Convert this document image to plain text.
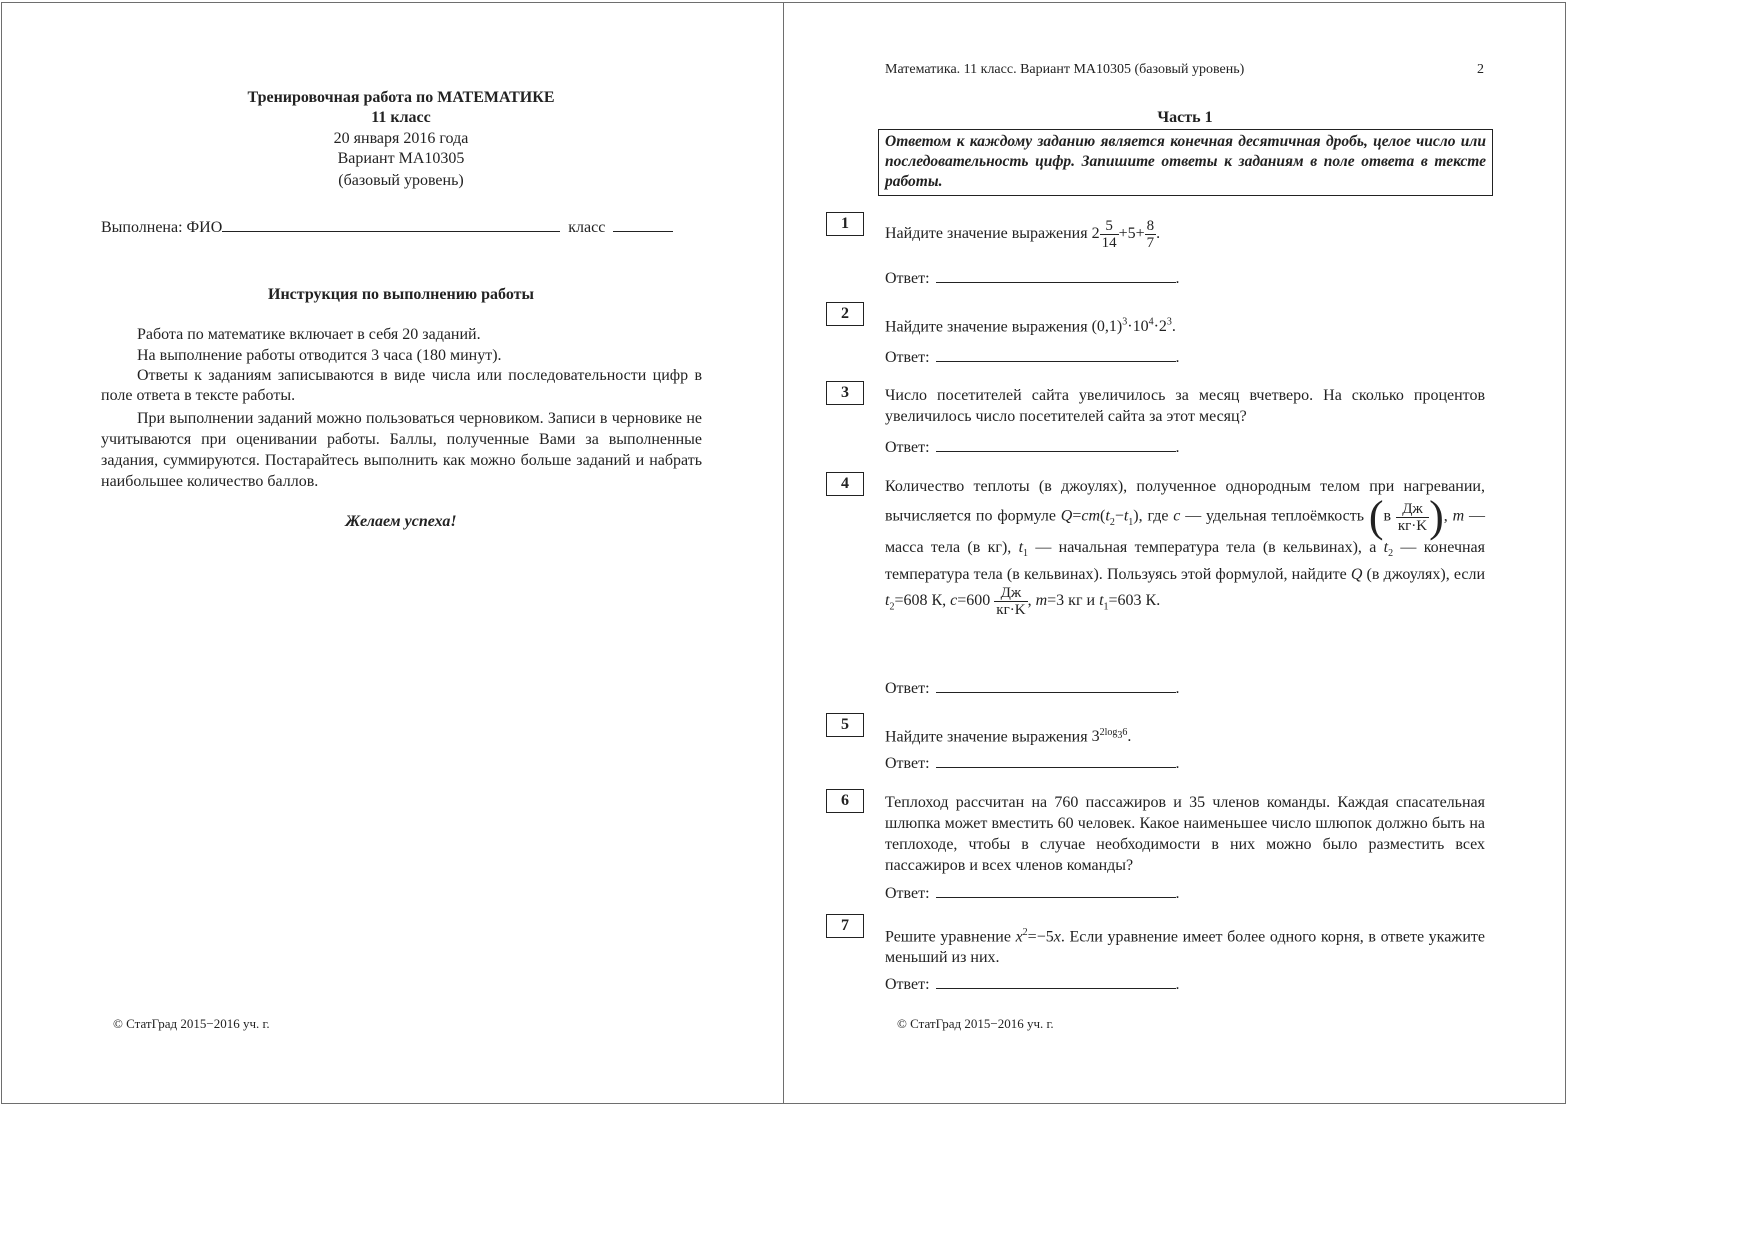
Тренировочная работа по МАТЕМАТИКЕ
11 класс
20 января 2016 года
Вариант МА10305
(базовый уровень)
Выполнена: ФИО	класс
Инструкция по выполнению работы
Работа по математике включает в себя 20 заданий.
На выполнение работы отводится 3 часа (180 минут).
Ответы к заданиям записываются в виде числа или последовательности цифр в поле ответа в тексте работы.
При выполнении заданий можно пользоваться черновиком. Записи в черновике не учитываются при оценивании работы. Баллы, полученные Вами за выполненные задания, суммируются. Постарайтесь выполнить как можно больше заданий и набрать наибольшее количество баллов.
Желаем успеха!
© СтатГрад 2015−2016 уч. г.
Математика. 11 класс. Вариант МА10305 (базовый уровень)	2
Часть 1
Ответом к каждому заданию является конечная десятичная дробь, целое число или последовательность цифр. Запишите ответы к заданиям в поле ответа в тексте работы.
1
Найдите значение выражения $2 \frac{5}{14} +5+ \frac{8}{7}$ .
Ответ:	.
2
Найдите значение выражения $(0,1)^3\cdot 10^4\cdot 2^3$.
Ответ:	.
3	Число посетителей сайта увеличилось за месяц вчетверо. На сколько процентов увеличилось число посетителей сайта за этот месяц?
Ответ:	.
4	Количество теплоты (в джоулях), полученное однородным телом при нагревании, вычисляется по формуле $Q=cm(t_2-t_1)$, где c — удельная теплоёмкость ($в \frac{Дж}{кг\cdot K}$ ), m — масса тела (в кг), $t_1$ — начальная температура тела (в кельвинах), а $t_2$ — конечная температура тела (в кельвинах). Пользуясь этой формулой, найдите Q (в джоулях), если $t_2=608$ К, $c=600 \frac{Дж}{кг\cdot K}$ , m=3 кг и $t_1=603$ К.
Ответ:	.
5
Найдите значение выражения $3^{2log_36}$.
Ответ:	.
6	Теплоход рассчитан на 760 пассажиров и 35 членов команды. Каждая спасательная шлюпка может вместить 60 человек. Какое наименьшее число шлюпок должно быть на теплоходе, чтобы в случае необходимости в них можно было разместить всех пассажиров и всех членов команды?
Ответ:	.
7
Решите уравнение $x^2=-5x$. Если уравнение имеет более одного корня, в ответе укажите меньший из них.
Ответ:	.
© СтатГрад 2015−2016 уч. г.
